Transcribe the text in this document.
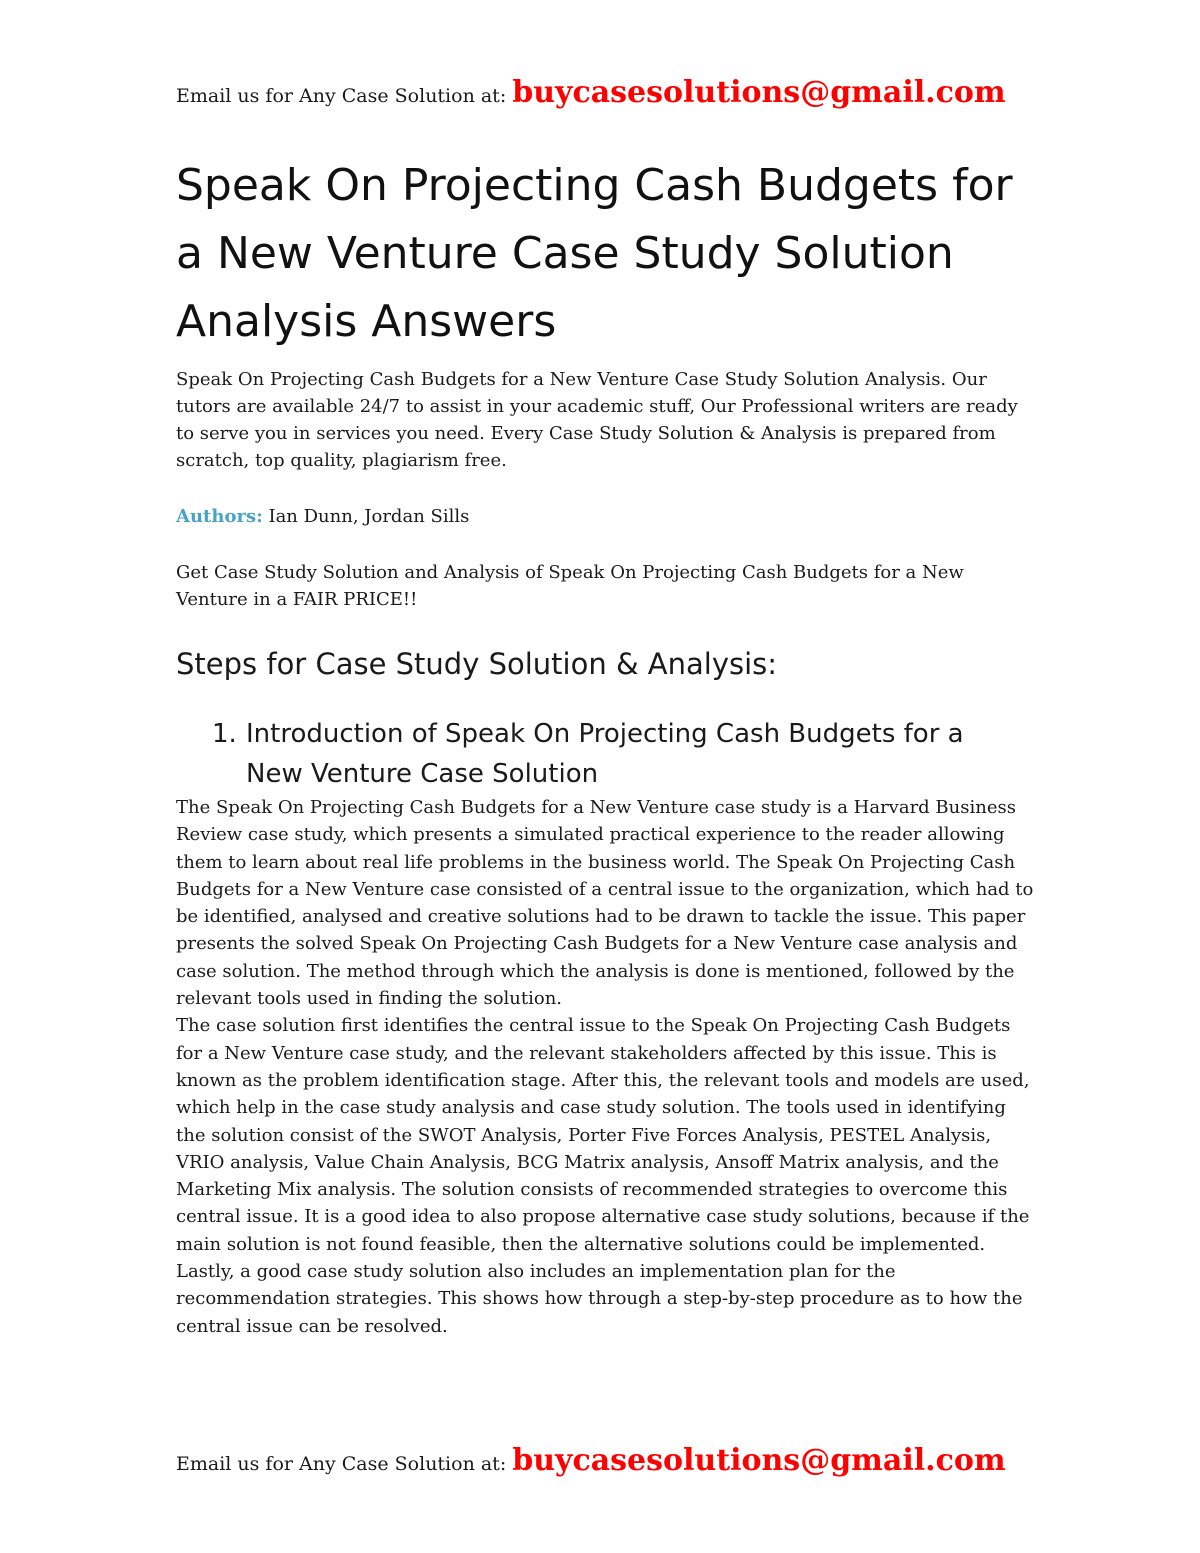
Email us for Any Case Solution at: buycasesolutions@gmail.com
Speak On Projecting Cash Budgets for a New Venture Case Study Solution Analysis Answers

Speak On Projecting Cash Budgets for a New Venture Case Study Solution Analysis. Our tutors are available 24/7 to assist in your academic stuff, Our Professional writers are ready to serve you in services you need. Every Case Study Solution & Analysis is prepared from scratch, top quality, plagiarism free.

Authors: Ian Dunn, Jordan Sills

Get Case Study Solution and Analysis of Speak On Projecting Cash Budgets for a New Venture in a FAIR PRICE!!

Steps for Case Study Solution & Analysis:
1. Introduction of Speak On Projecting Cash Budgets for a New Venture Case Solution

The Speak On Projecting Cash Budgets for a New Venture case study is a Harvard Business Review case study, which presents a simulated practical experience to the reader allowing them to learn about real life problems in the business world. The Speak On Projecting Cash Budgets for a New Venture case consisted of a central issue to the organization, which had to be identified, analysed and creative solutions had to be drawn to tackle the issue. This paper presents the solved Speak On Projecting Cash Budgets for a New Venture case analysis and case solution. The method through which the analysis is done is mentioned, followed by the relevant tools used in finding the solution.

The case solution first identifies the central issue to the Speak On Projecting Cash Budgets for a New Venture case study, and the relevant stakeholders affected by this issue. This is known as the problem identification stage. After this, the relevant tools and models are used, which help in the case study analysis and case study solution. The tools used in identifying the solution consist of the SWOT Analysis, Porter Five Forces Analysis, PESTEL Analysis, VRIO analysis, Value Chain Analysis, BCG Matrix analysis, Ansoff Matrix analysis, and the Marketing Mix analysis. The solution consists of recommended strategies to overcome this central issue. It is a good idea to also propose alternative case study solutions, because if the main solution is not found feasible, then the alternative solutions could be implemented. Lastly, a good case study solution also includes an implementation plan for the recommendation strategies. This shows how through a step-by-step procedure as to how the central issue can be resolved.

Email us for Any Case Solution at: buycasesolutions@gmail.com
